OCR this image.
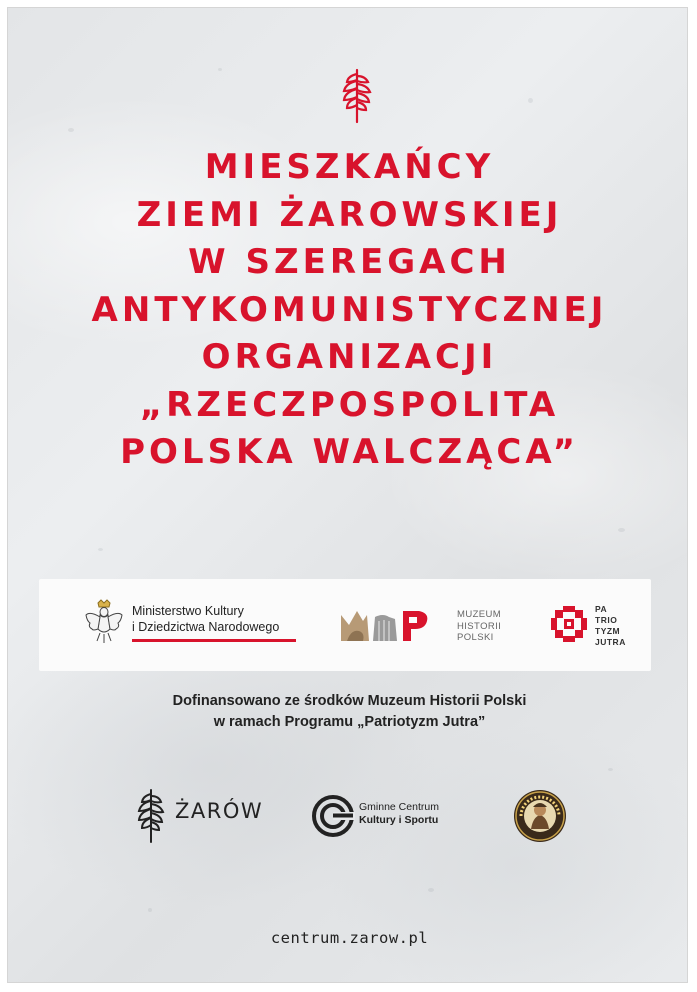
MIESZKAŃCY
ZIEMI ŻAROWSKIEJ
W SZEREGACH
ANTYKOMUNISTYCZNEJ
ORGANIZACJI
„RZECZPOSPOLITA
POLSKA WALCZĄCA”
Ministerstwo Kultury
i Dziedzictwa Narodowego
MUZEUM
HISTORII
POLSKI
PA
TRIO
TYZM
JUTRA
Dofinansowano ze środków Muzeum Historii Polski
w ramach Programu „Patriotyzm Jutra”
ŻARÓW	Gminne Centrum
Kultury i Sportu
centrum.zarow.pl
